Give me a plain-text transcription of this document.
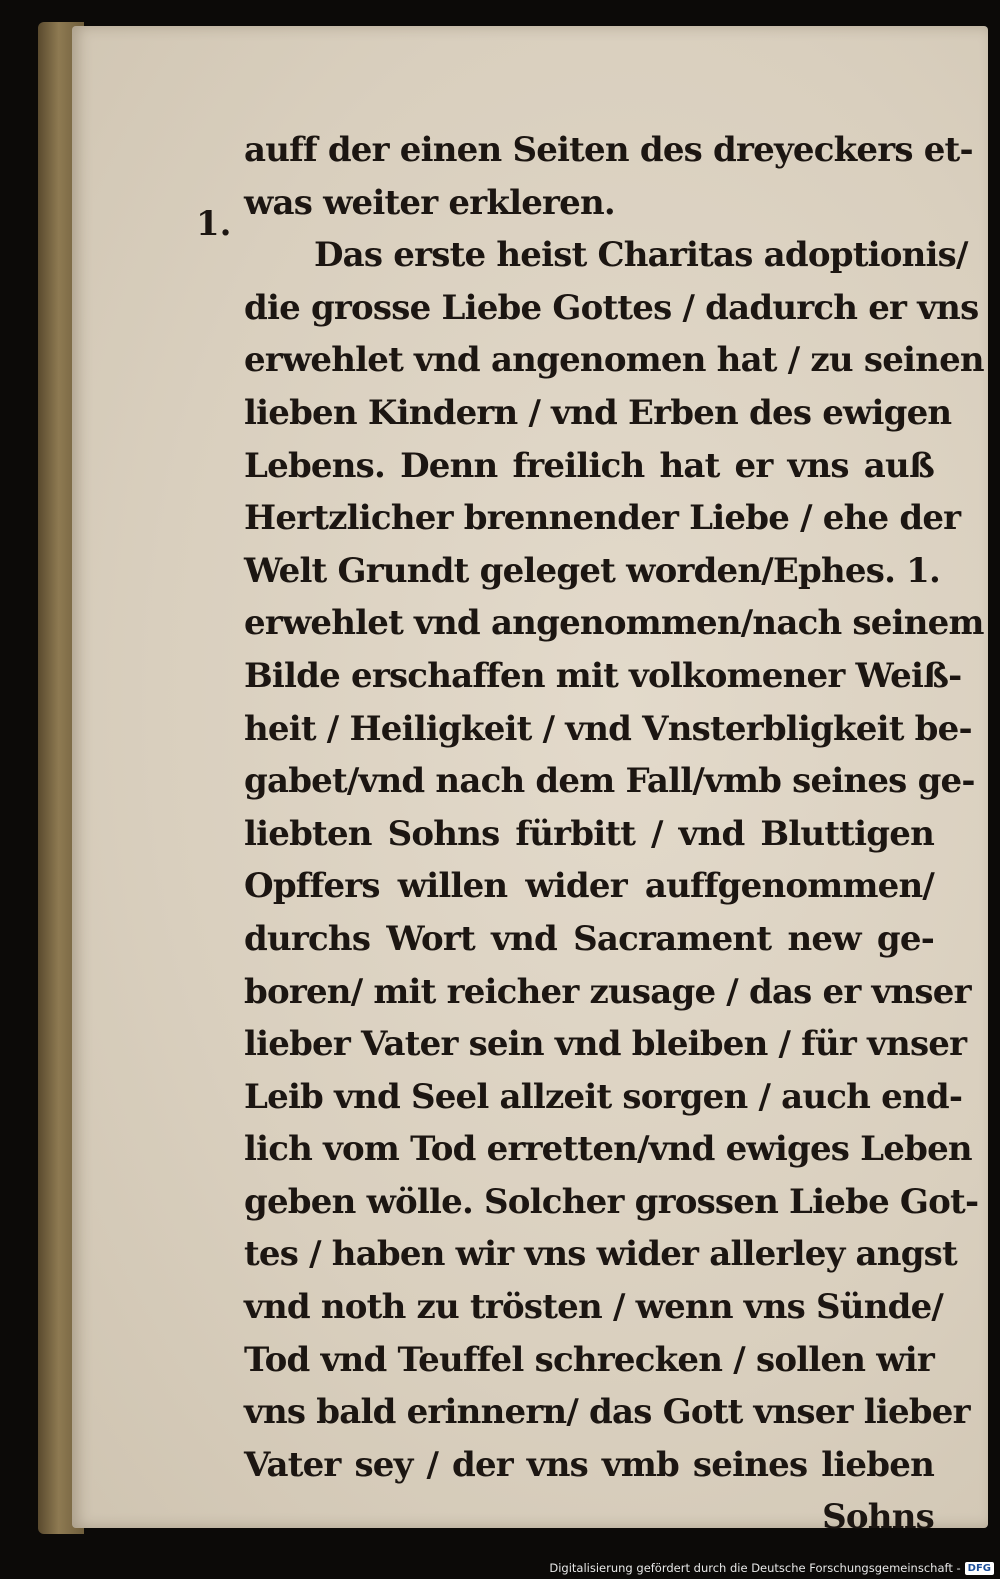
1.
auff der einen Seiten des dreyeckers et-
was weiter erkleren.
Das erste heist Charitas adoptionis/
die grosse Liebe Gottes / dadurch er vns
erwehlet vnd angenomen hat / zu seinen
lieben Kindern / vnd Erben des ewigen
Lebens. Denn freilich hat er vns auß
Hertzlicher brennender Liebe / ehe der
Welt Grundt geleget worden/Ephes. 1.
erwehlet vnd angenommen/nach seinem
Bilde erschaffen mit volkomener Weiß-
heit / Heiligkeit / vnd Vnsterbligkeit be-
gabet/vnd nach dem Fall/vmb seines ge-
liebten Sohns fürbitt / vnd Bluttigen
Opffers willen wider auffgenommen/
durchs Wort vnd Sacrament new ge-
boren/ mit reicher zusage / das er vnser
lieber Vater sein vnd bleiben / für vnser
Leib vnd Seel allzeit sorgen / auch end-
lich vom Tod erretten/vnd ewiges Leben
geben wölle. Solcher grossen Liebe Got-
tes / haben wir vns wider allerley angst
vnd noth zu trösten / wenn vns Sünde/
Tod vnd Teuffel schrecken / sollen wir
vns bald erinnern/ das Gott vnser lieber
Vater sey / der vns vmb seines lieben
Sohns
Digitalisierung gefördert durch die Deutsche Forschungsgemeinschaft - DFG
